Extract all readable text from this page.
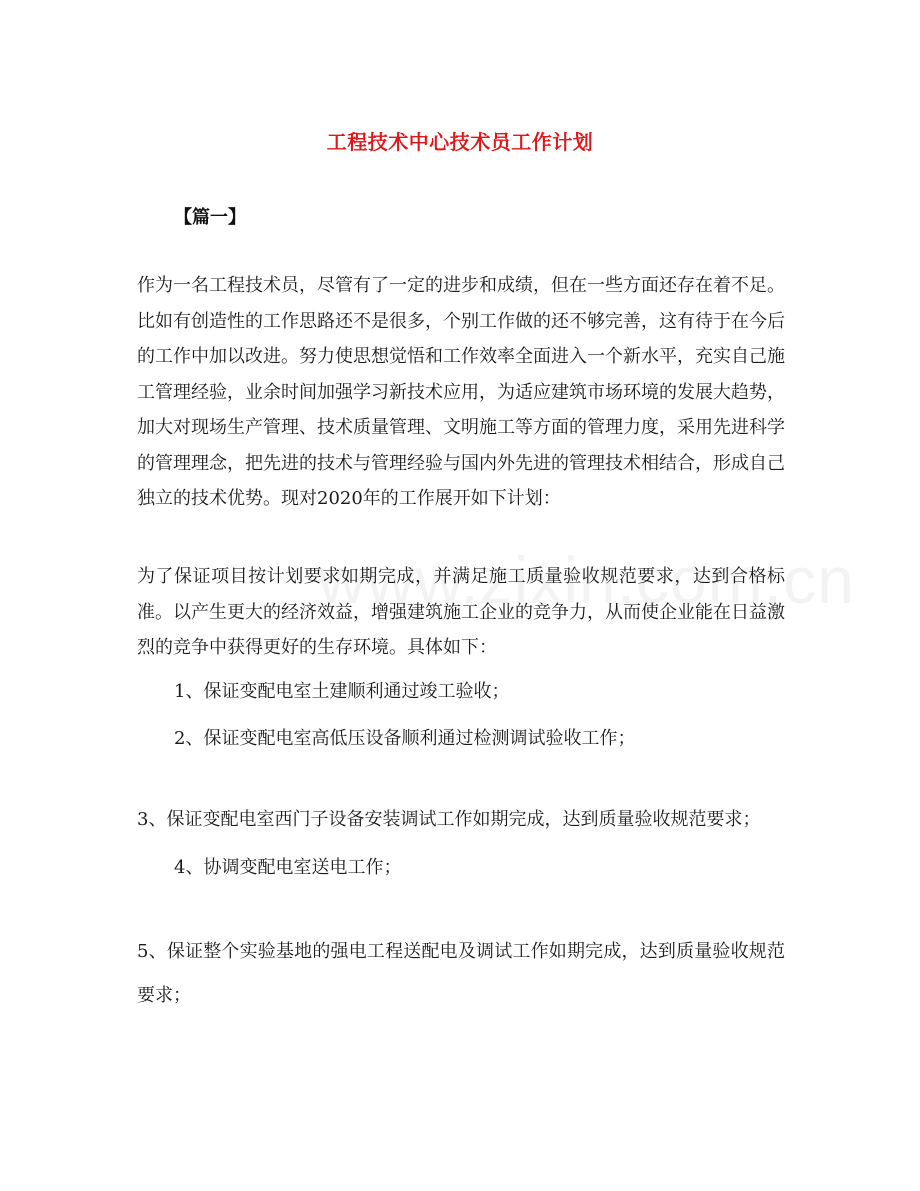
工程技术中心技术员工作计划
【篇一】

作为一名工程技术员，尽管有了一定的进步和成绩，但在一些方面还存在着不足。比如有创造性的工作思路还不是很多，个别工作做的还不够完善，这有待于在今后的工作中加以改进。努力使思想觉悟和工作效率全面进入一个新水平，充实自己施工管理经验，业余时间加强学习新技术应用，为适应建筑市场环境的发展大趋势，加大对现场生产管理、技术质量管理、文明施工等方面的管理力度，采用先进科学的管理理念，把先进的技术与管理经验与国内外先进的管理技术相结合，形成自己独立的技术优势。现对2020年的工作展开如下计划：

为了保证项目按计划要求如期完成，并满足施工质量验收规范要求，达到合格标准。以产生更大的经济效益，增强建筑施工企业的竞争力，从而使企业能在日益激烈的竞争中获得更好的生存环境。具体如下：

1、保证变配电室土建顺利通过竣工验收；

2、保证变配电室高低压设备顺利通过检测调试验收工作；

3、保证变配电室西门子设备安装调试工作如期完成，达到质量验收规范要求；

4、协调变配电室送电工作；

5、保证整个实验基地的强电工程送配电及调试工作如期完成，达到质量验收规范要求；
